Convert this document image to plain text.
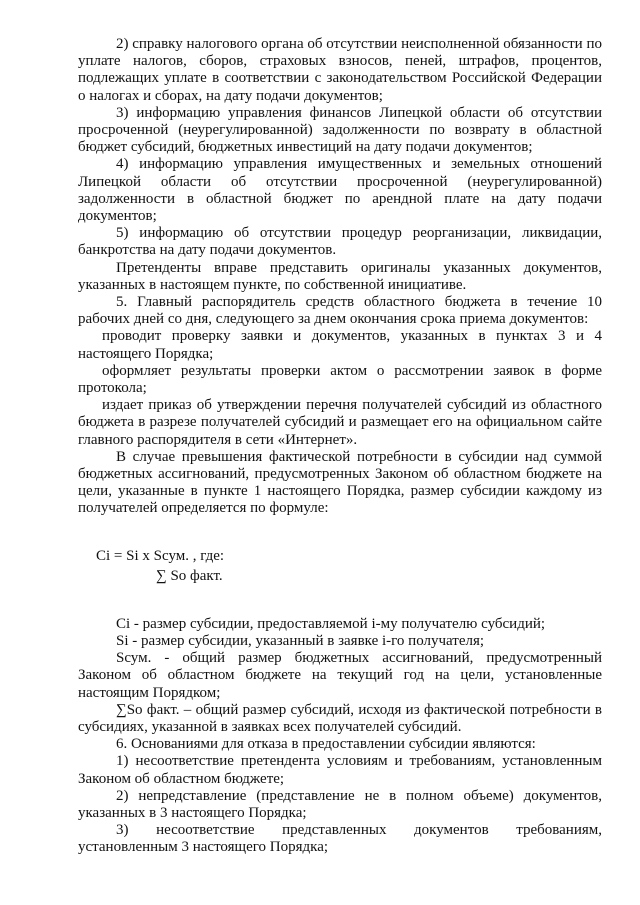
2) справку налогового органа об отсутствии неисполненной обязанности по уплате налогов, сборов, страховых взносов, пеней, штрафов, процентов, подлежащих уплате в соответствии с законодательством Российской Федерации о налогах и сборах, на дату подачи документов;

3) информацию управления финансов Липецкой области об отсутствии просроченной (неурегулированной) задолженности по возврату в областной бюджет субсидий, бюджетных инвестиций на дату подачи документов;

4) информацию управления имущественных и земельных отношений Липецкой области об отсутствии просроченной (неурегулированной) задолженности в областной бюджет по арендной плате на дату подачи документов;

5) информацию об отсутствии процедур реорганизации, ликвидации, банкротства на дату подачи документов.

Претенденты вправе представить оригиналы указанных документов, указанных в настоящем пункте, по собственной инициативе.

5. Главный распорядитель средств областного бюджета в течение 10 рабочих дней со дня, следующего за днем окончания срока приема документов:

проводит проверку заявки и документов, указанных в пунктах 3 и 4 настоящего Порядка;

оформляет результаты проверки актом о рассмотрении заявок в форме протокола;

издает приказ об утверждении перечня получателей субсидий из областного бюджета в разрезе получателей субсидий и размещает его на официальном сайте главного распорядителя в сети «Интернет».

В случае превышения фактической потребности в субсидии над суммой бюджетных ассигнований, предусмотренных Законом об областном бюджете на цели, указанные в пункте 1 настоящего Порядка, размер субсидии каждому из получателей определяется по формуле:

Ci = Si x Sсум. , где:
∑ So факт.

Ci - размер субсидии, предоставляемой i-му получателю субсидий;

Si - размер субсидии, указанный в заявке i-го получателя;

Sсум. - общий размер бюджетных ассигнований, предусмотренный Законом об областном бюджете на текущий год на цели, установленные настоящим Порядком;

∑So факт. – общий размер субсидий, исходя из фактической потребности в субсидиях, указанной в заявках всех получателей субсидий.

6. Основаниями для отказа в предоставлении субсидии являются:

1) несоответствие претендента условиям и требованиям, установленным Законом об областном бюджете;

2) непредставление (представление не в полном объеме) документов, указанных в 3 настоящего Порядка;

3) несоответствие представленных документов требованиям, установленным 3 настоящего Порядка;
